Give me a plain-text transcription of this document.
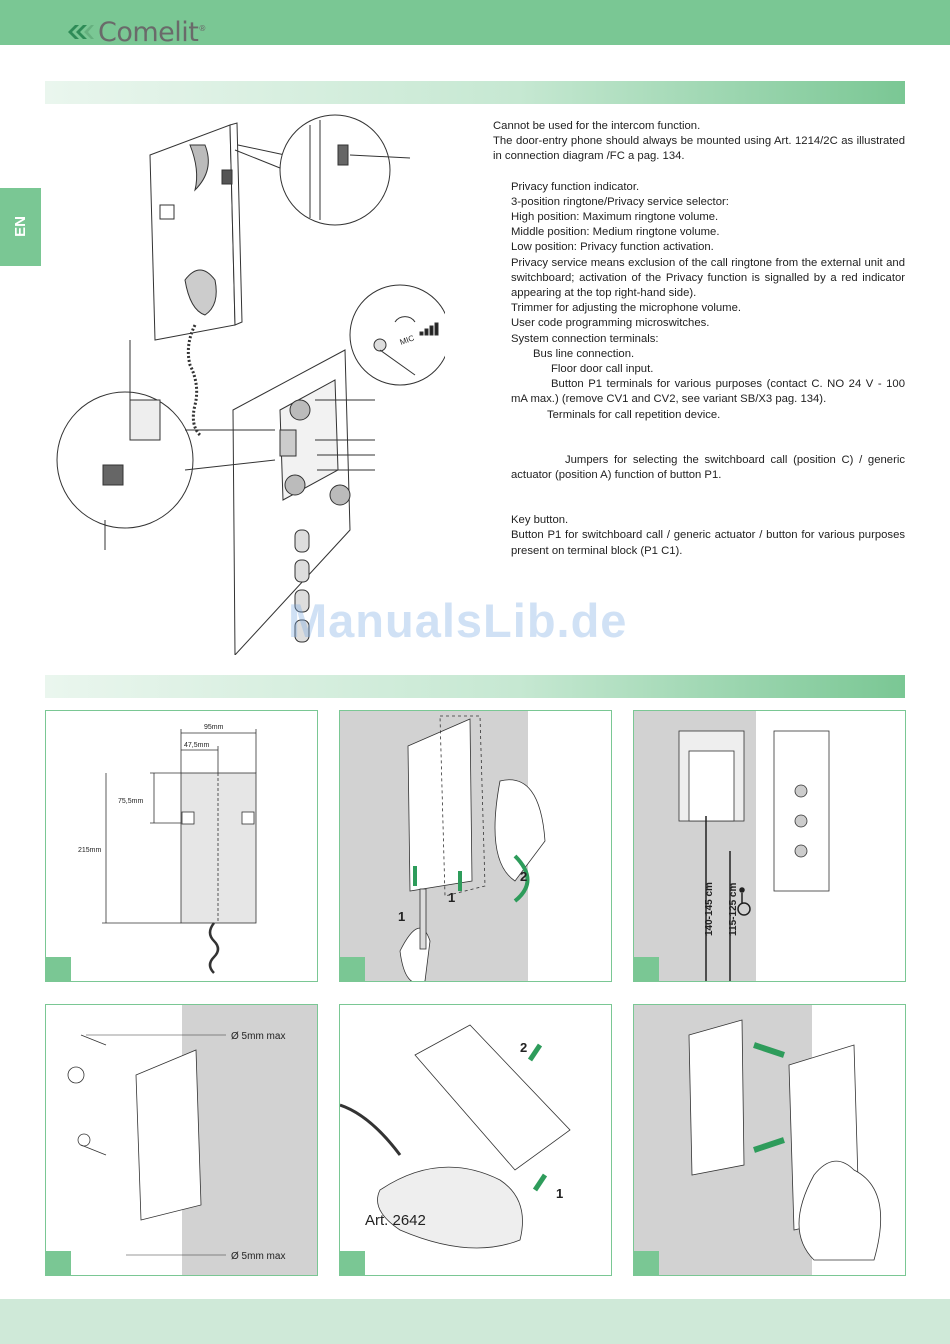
Comelit®
EN
MIC

Cannot be used for the intercom function.

The door-entry phone should always be mounted using Art. 1214/2C as illustrated in connection diagram /FC a pag. 134.

Privacy function indicator.

3-position ringtone/Privacy service selector:

High position: Maximum ringtone volume.

Middle position: Medium ringtone volume.

Low position: Privacy function activation.

Privacy service means exclusion of the call ringtone from the external unit and switchboard; activation of the Privacy function is signalled by a red indicator appearing at the top right-hand side).

Trimmer for adjusting the microphone volume.

User code programming microswitches.

System connection terminals:

Bus line connection.

Floor door call input.

Button P1 terminals for various purposes (contact C. NO 24 V - 100 mA max.) (remove CV1 and CV2, see variant SB/X3 pag. 134).

Terminals for call repetition device.

Jumpers for selecting the switchboard call (position C) / generic actuator (position A) function of button P1.

Key button.

Button P1 for switchboard call / generic actuator / button for various purposes present on terminal block (P1 C1).

ManualsLib.de
95mm
47,5mm
75,5mm
215mm
1
1
2
140-145 cm 115-125 cm
Ø 5mm max
Ø 5mm max
2
1
Art. 2642
